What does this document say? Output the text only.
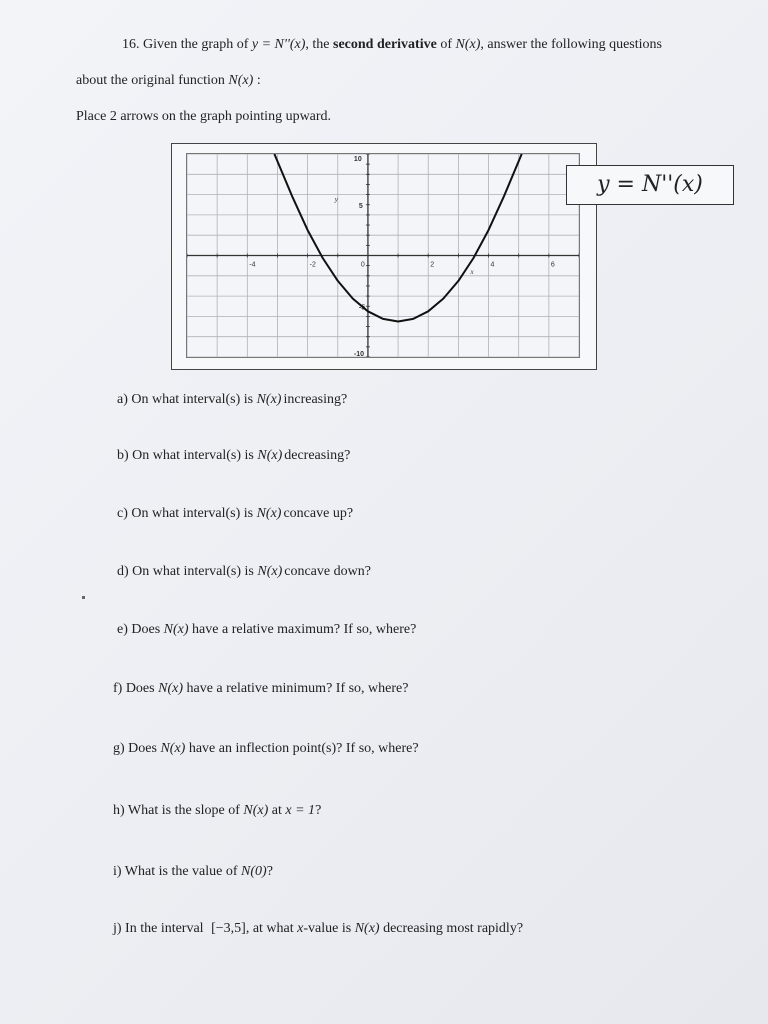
16. Given the graph of y = N''(x), the second derivative of N(x), answer the following questions
about the original function N(x) :
Place 2 arrows on the graph pointing upward.
-4	-2	0	2	4	6
10
5
-5
-10
y
x
y = N''(x)
a) On what interval(s) is N(x) increasing?
b) On what interval(s) is N(x) decreasing?
c) On what interval(s) is N(x) concave up?
d) On what interval(s) is N(x) concave down?
e) Does N(x) have a relative maximum? If so, where?
f) Does N(x) have a relative minimum? If so, where?
g) Does N(x) have an inflection point(s)? If so, where?
h) What is the slope of N(x) at x = 1?
i) What is the value of N(0)?
j) In the interval [−3,5], at what x-value is N(x) decreasing most rapidly?
